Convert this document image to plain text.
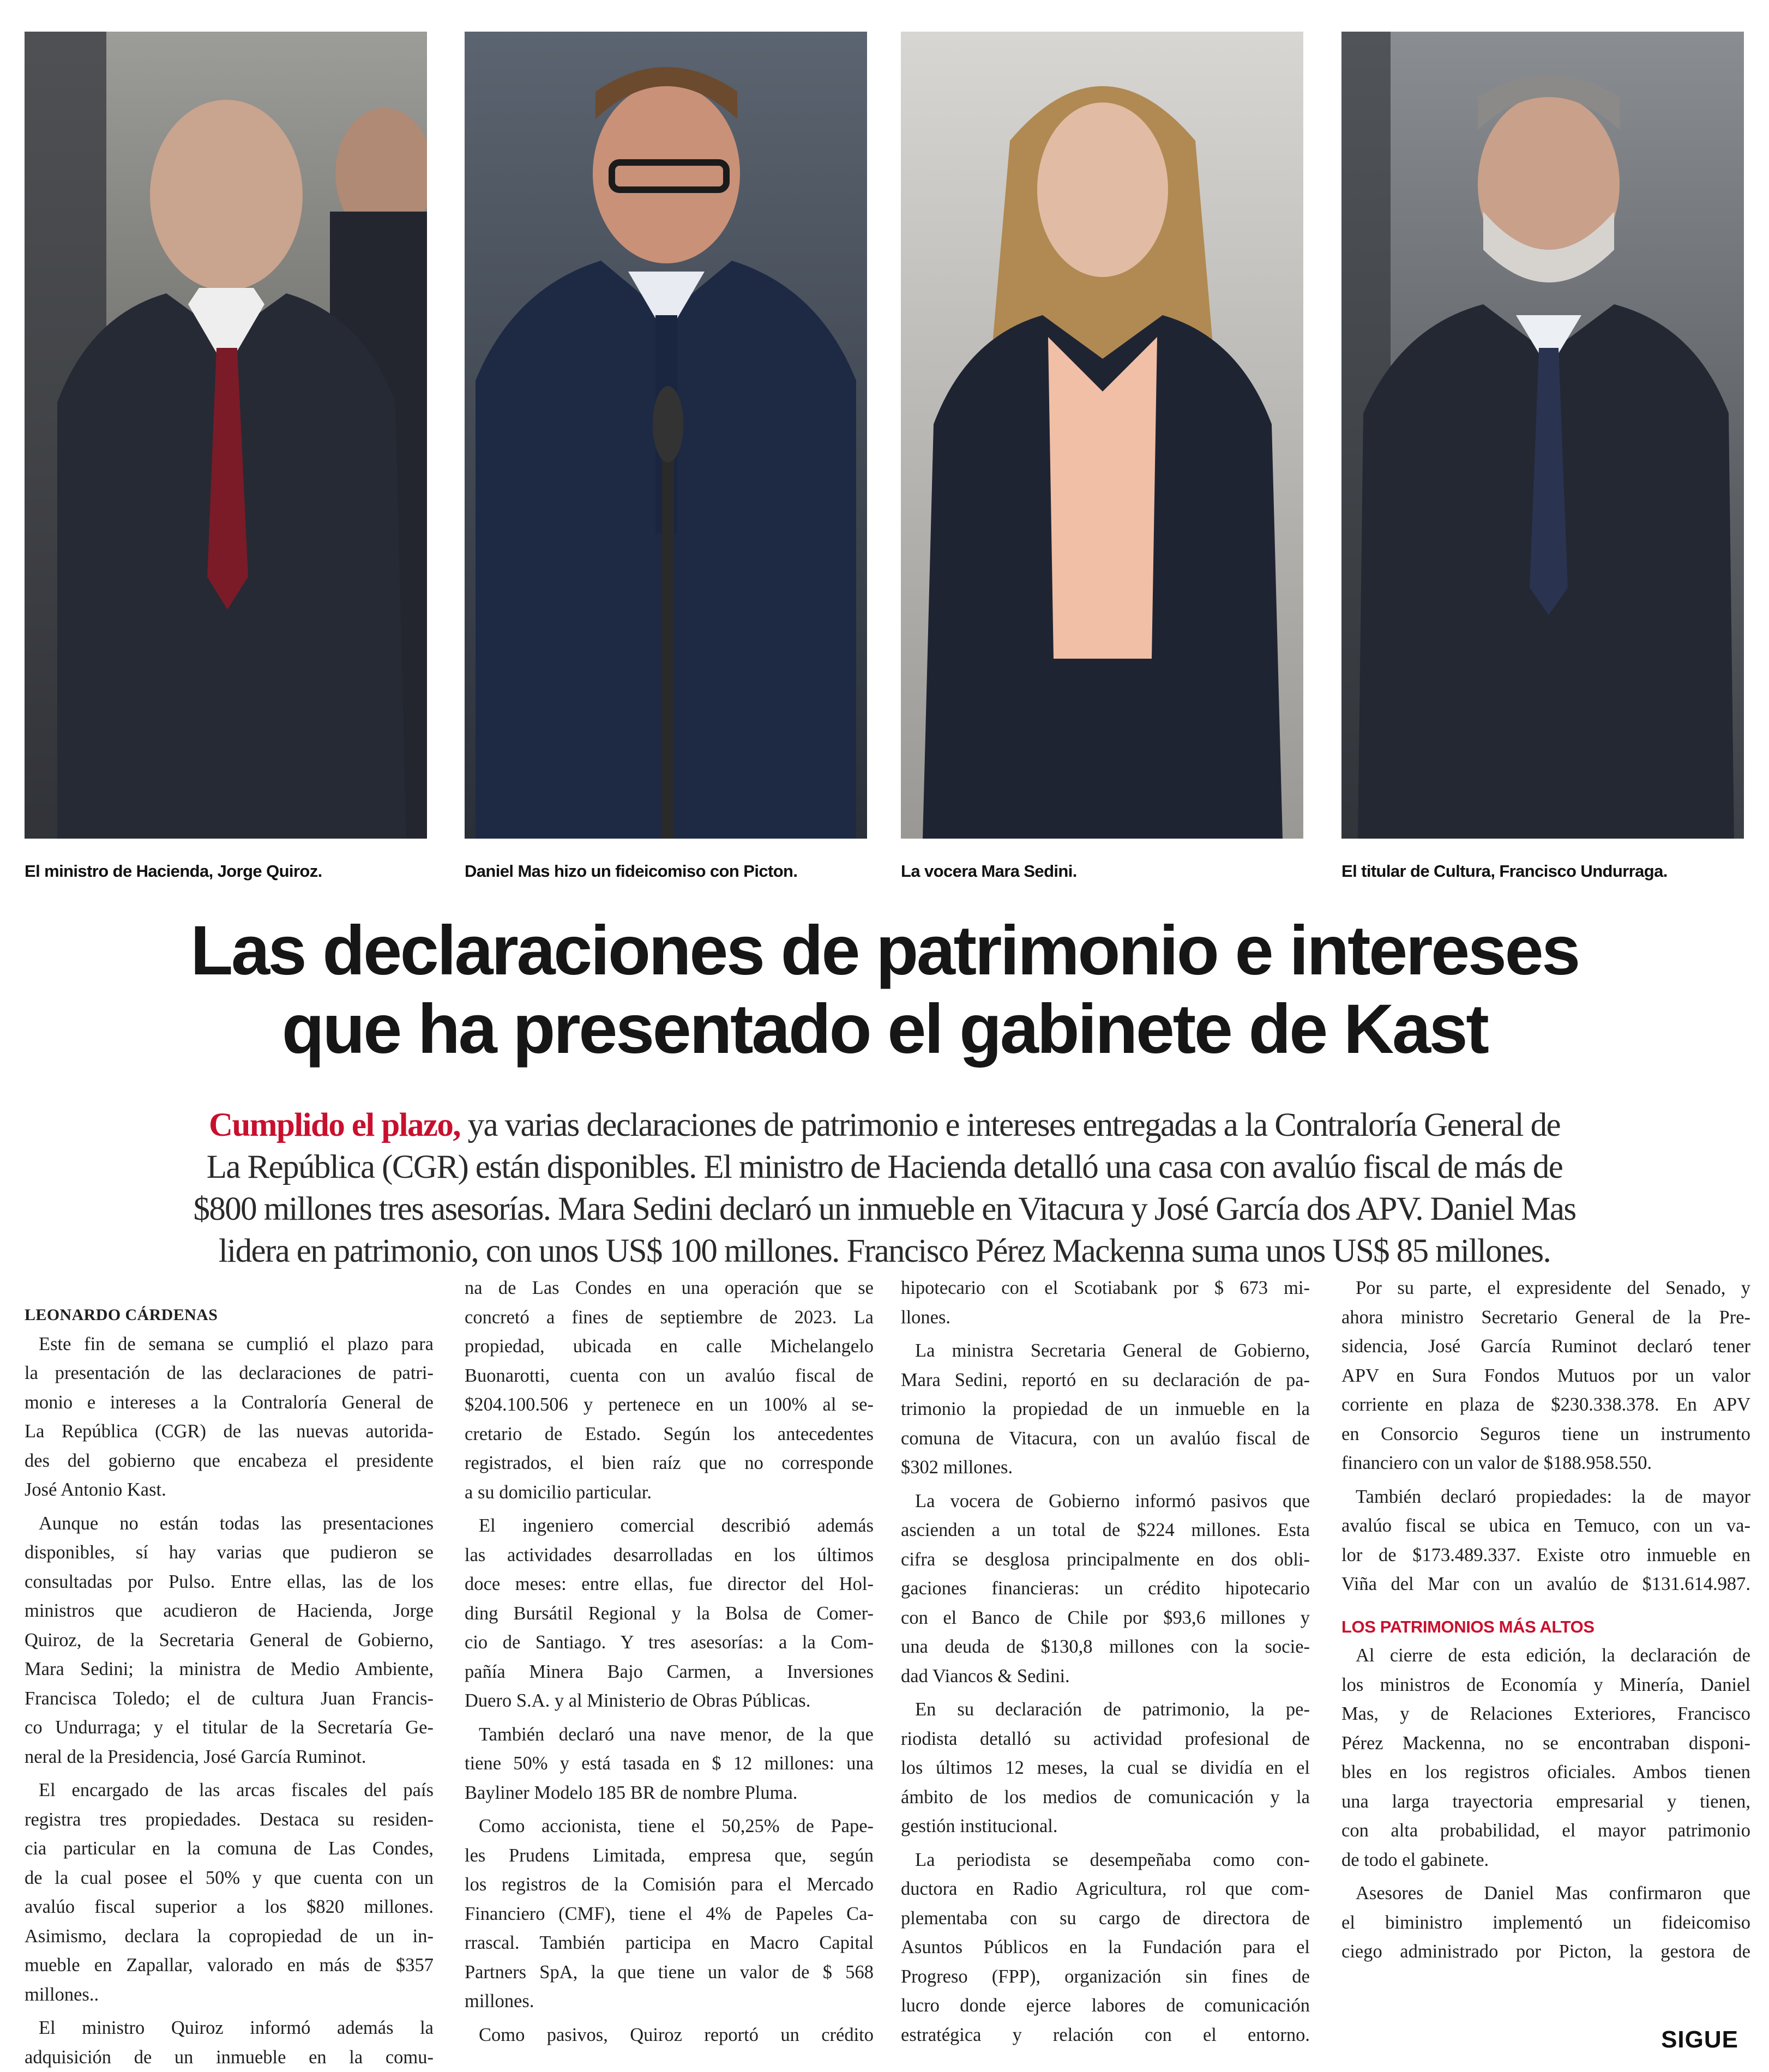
El ministro de Hacienda, Jorge Quiroz.	Daniel Mas hizo un fideicomiso con Picton.	La vocera Mara Sedini.	El titular de Cultura, Francisco Undurraga.
Las declaraciones de patrimonio e intereses
que ha presentado el gabinete de Kast
Cumplido el plazo, ya varias declaraciones de patrimonio e intereses entregadas a la Contraloría General de
La República (CGR) están disponibles. El ministro de Hacienda detalló una casa con avalúo fiscal de más de
$800 millones tres asesorías. Mara Sedini declaró un inmueble en Vitacura y José García dos APV. Daniel Mas
lidera en patrimonio, con unos US$ 100 millones. Francisco Pérez Mackenna suma unos US$ 85 millones.
LEONARDO CÁRDENAS
Este fin de semana se cumplió el plazo para
la presentación de las declaraciones de patri-
monio e intereses a la Contraloría General de
La República (CGR) de las nuevas autorida-
des del gobierno que encabeza el presidente
José Antonio Kast.
Aunque no están todas las presentaciones
disponibles, sí hay varias que pudieron se
consultadas por Pulso. Entre ellas, las de los
ministros que acudieron de Hacienda, Jorge
Quiroz, de la Secretaria General de Gobierno,
Mara Sedini; la ministra de Medio Ambiente,
Francisca Toledo; el de cultura Juan Francis-
co Undurraga; y el titular de la Secretaría Ge-
neral de la Presidencia, José García Ruminot.
El encargado de las arcas fiscales del país
registra tres propiedades. Destaca su residen-
cia particular en la comuna de Las Condes,
de la cual posee el 50% y que cuenta con un
avalúo fiscal superior a los $820 millones.
Asimismo, declara la copropiedad de un in-
mueble en Zapallar, valorado en más de $357
millones..
El ministro Quiroz informó además la
adquisición de un inmueble en la comu-
na de Las Condes en una operación que se
concretó a fines de septiembre de 2023. La
propiedad, ubicada en calle Michelangelo
Buonarotti, cuenta con un avalúo fiscal de
$204.100.506 y pertenece en un 100% al se-
cretario de Estado. Según los antecedentes
registrados, el bien raíz que no corresponde
a su domicilio particular.
El ingeniero comercial describió además
las actividades desarrolladas en los últimos
doce meses: entre ellas, fue director del Hol-
ding Bursátil Regional y la Bolsa de Comer-
cio de Santiago. Y tres asesorías: a la Com-
pañía Minera Bajo Carmen, a Inversiones
Duero S.A. y al Ministerio de Obras Públicas.
También declaró una nave menor, de la que
tiene 50% y está tasada en $ 12 millones: una
Bayliner Modelo 185 BR de nombre Pluma.
Como accionista, tiene el 50,25% de Pape-
les Prudens Limitada, empresa que, según
los registros de la Comisión para el Mercado
Financiero (CMF), tiene el 4% de Papeles Ca-
rrascal. También participa en Macro Capital
Partners SpA, la que tiene un valor de $ 568
millones.
Como pasivos, Quiroz reportó un crédito
hipotecario con el Scotiabank por $ 673 mi-
llones.
La ministra Secretaria General de Gobierno,
Mara Sedini, reportó en su declaración de pa-
trimonio la propiedad de un inmueble en la
comuna de Vitacura, con un avalúo fiscal de
$302 millones.
La vocera de Gobierno informó pasivos que
ascienden a un total de $224 millones. Esta
cifra se desglosa principalmente en dos obli-
gaciones financieras: un crédito hipotecario
con el Banco de Chile por $93,6 millones y
una deuda de $130,8 millones con la socie-
dad Viancos & Sedini.
En su declaración de patrimonio, la pe-
riodista detalló su actividad profesional de
los últimos 12 meses, la cual se dividía en el
ámbito de los medios de comunicación y la
gestión institucional.
La periodista se desempeñaba como con-
ductora en Radio Agricultura, rol que com-
plementaba con su cargo de directora de
Asuntos Públicos en la Fundación para el
Progreso (FPP), organización sin fines de
lucro donde ejerce labores de comunicación
estratégica y relación con el entorno.
Por su parte, el expresidente del Senado, y
ahora ministro Secretario General de la Pre-
sidencia, José García Ruminot declaró tener
APV en Sura Fondos Mutuos por un valor
corriente en plaza de $230.338.378. En APV
en Consorcio Seguros tiene un instrumento
financiero con un valor de $188.958.550.
También declaró propiedades: la de mayor
avalúo fiscal se ubica en Temuco, con un va-
lor de $173.489.337. Existe otro inmueble en
Viña del Mar con un avalúo de $131.614.987.
LOS PATRIMONIOS MÁS ALTOS
Al cierre de esta edición, la declaración de
los ministros de Economía y Minería, Daniel
Mas, y de Relaciones Exteriores, Francisco
Pérez Mackenna, no se encontraban disponi-
bles en los registros oficiales. Ambos tienen
una larga trayectoria empresarial y tienen,
con alta probabilidad, el mayor patrimonio
de todo el gabinete.
Asesores de Daniel Mas confirmaron que
el biministro implementó un fideicomiso
ciego administrado por Picton, la gestora de
SIGUE
